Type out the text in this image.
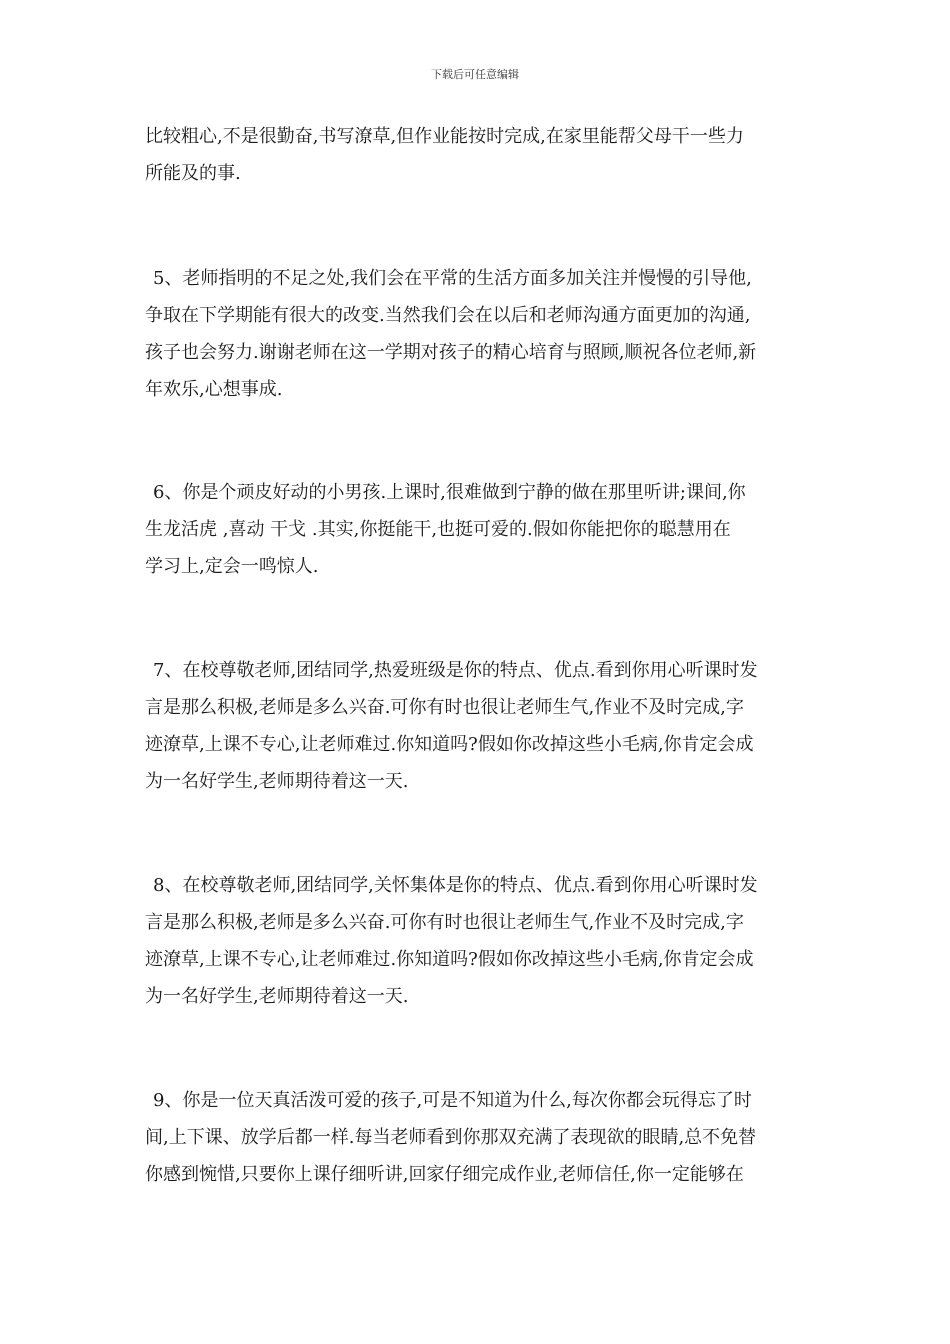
下载后可任意编辑
比较粗心,不是很勤奋,书写潦草,但作业能按时完成,在家里能帮父母干一些力
所能及的事.
5、老师指明的不足之处,我们会在平常的生活方面多加关注并慢慢的引导他,
争取在下学期能有很大的改变.当然我们会在以后和老师沟通方面更加的沟通,
孩子也会努力.谢谢老师在这一学期对孩子的精心培育与照顾,顺祝各位老师,新
年欢乐,心想事成.
6、你是个顽皮好动的小男孩.上课时,很难做到宁静的做在那里听讲;课间,你
生龙活虎 ,喜动 干戈 .其实,你挺能干,也挺可爱的.假如你能把你的聪慧用在
学习上,定会一鸣惊人.
7、在校尊敬老师,团结同学,热爱班级是你的特点、优点.看到你用心听课时发
言是那么积极,老师是多么兴奋.可你有时也很让老师生气,作业不及时完成,字
迹潦草,上课不专心,让老师难过.你知道吗?假如你改掉这些小毛病,你肯定会成
为一名好学生,老师期待着这一天.
8、在校尊敬老师,团结同学,关怀集体是你的特点、优点.看到你用心听课时发
言是那么积极,老师是多么兴奋.可你有时也很让老师生气,作业不及时完成,字
迹潦草,上课不专心,让老师难过.你知道吗?假如你改掉这些小毛病,你肯定会成
为一名好学生,老师期待着这一天.
9、你是一位天真活泼可爱的孩子,可是不知道为什么,每次你都会玩得忘了时
间,上下课、放学后都一样.每当老师看到你那双充满了表现欲的眼睛,总不免替
你感到惋惜,只要你上课仔细听讲,回家仔细完成作业,老师信任,你一定能够在
